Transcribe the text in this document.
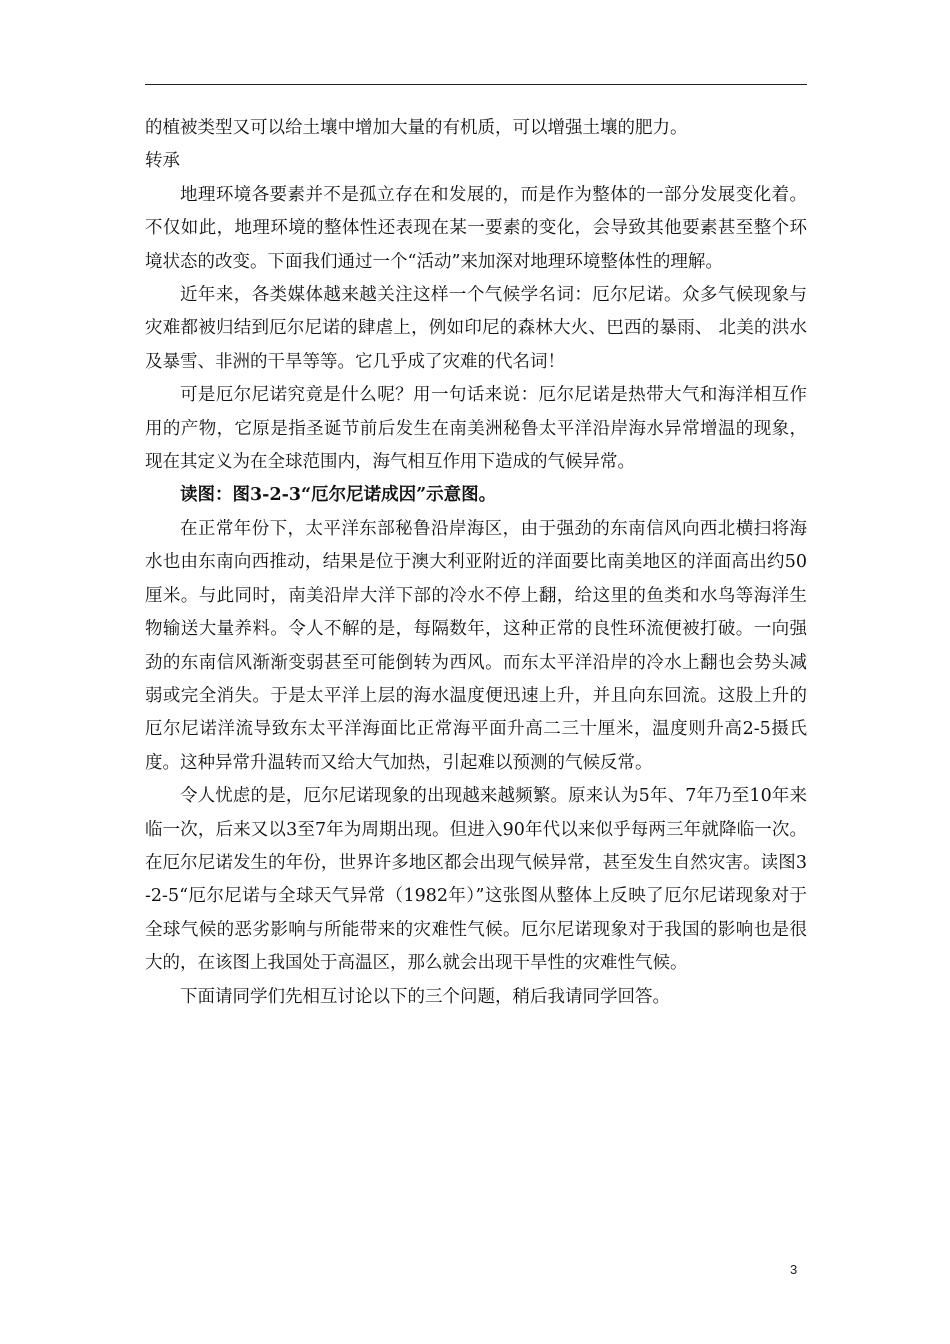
的植被类型又可以给土壤中增加大量的有机质，可以增强土壤的肥力。

转承

地理环境各要素并不是孤立存在和发展的，而是作为整体的一部分发展变化着。不仅如此，地理环境的整体性还表现在某一要素的变化，会导致其他要素甚至整个环境状态的改变。下面我们通过一个“活动”来加深对地理环境整体性的理解。

近年来，各类媒体越来越关注这样一个气候学名词：厄尔尼诺。众多气候现象与灾难都被归结到厄尔尼诺的肆虐上，例如印尼的森林大火、巴西的暴雨、 北美的洪水及暴雪、非洲的干旱等等。它几乎成了灾难的代名词！

可是厄尔尼诺究竟是什么呢？用一句话来说：厄尔尼诺是热带大气和海洋相互作用的产物，它原是指圣诞节前后发生在南美洲秘鲁太平洋沿岸海水异常增温的现象，现在其定义为在全球范围内，海气相互作用下造成的气候异常。

读图：图3-2-3“厄尔尼诺成因”示意图。

在正常年份下，太平洋东部秘鲁沿岸海区，由于强劲的东南信风向西北横扫将海水也由东南向西推动，结果是位于澳大利亚附近的洋面要比南美地区的洋面高出约50厘米。与此同时，南美沿岸大洋下部的冷水不停上翻，给这里的鱼类和水鸟等海洋生物输送大量养料。令人不解的是，每隔数年，这种正常的良性环流便被打破。一向强劲的东南信风渐渐变弱甚至可能倒转为西风。而东太平洋沿岸的冷水上翻也会势头减弱或完全消失。于是太平洋上层的海水温度便迅速上升，并且向东回流。这股上升的厄尔尼诺洋流导致东太平洋海面比正常海平面升高二三十厘米，温度则升高2-5摄氏度。这种异常升温转而又给大气加热，引起难以预测的气候反常。

令人忧虑的是，厄尔尼诺现象的出现越来越频繁。原来认为5年、7年乃至10年来临一次，后来又以3至7年为周期出现。但进入90年代以来似乎每两三年就降临一次。在厄尔尼诺发生的年份，世界许多地区都会出现气候异常，甚至发生自然灾害。读图3-2-5“厄尔尼诺与全球天气异常（1982年）”这张图从整体上反映了厄尔尼诺现象对于全球气候的恶劣影响与所能带来的灾难性气候。厄尔尼诺现象对于我国的影响也是很大的，在该图上我国处于高温区，那么就会出现干旱性的灾难性气候。

下面请同学们先相互讨论以下的三个问题，稍后我请同学回答。

3
